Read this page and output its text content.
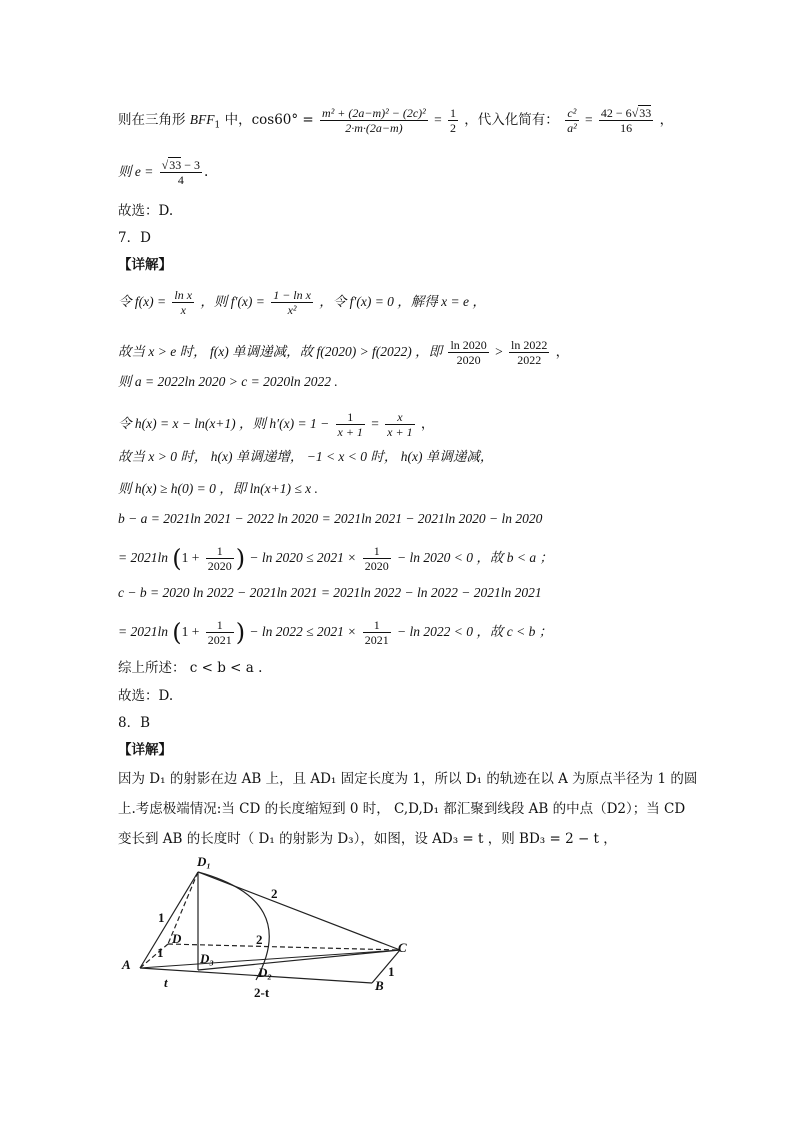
则在三角形 $BFF_1$ 中，$\cos 60^\circ = \frac{\text{m² + (2a−m)² − (2c)²}}{2\cdot m\cdot(2a-m)} = \frac{1}{2}$ ，代入化简有： $\frac{\text{c²}}{\text{a²}} = \frac{42 - 6√33}{16}$ ，
则 $e = \frac{√33 - 3}{4}$ .
故选：D.
7．D
【详解】
令 $f(x) = \frac{\text{ln x}}{x}$ ，则 $f'(x) = \frac{\text{1 − ln x}}{\text{x²}}$ ，令 f′(x) = 0 ，解得 x = e ，
故当 x > e 时， f(x) 单调递减，故 f(2020) > f(2022) ，即 $\frac{\ln 2020}{2020} > \frac{\ln 2022}{2022}$ ，
则 a = 2022ln 2020 > c = 2020ln 2022 .
令 h(x) = x − ln(x+1) ，则 $h'(x) = 1 - \frac{1}{x + 1} = \frac{x}{x + 1}$ ，
故当 x > 0 时， h(x) 单调递增， −1 < x < 0 时， h(x) 单调递减，
则 h(x) ≥ h(0) = 0 ，即 ln(x+1) ≤ x .
b − a = 2021ln 2021 − 2022 ln 2020 = 2021ln 2021 − 2021ln 2020 − ln 2020
= 2021ln ($1 + \frac{1}{2020}$ ) − $\ln 2020 \le 2021 \times \frac{1}{2020} - \ln 2020 < 0$ ，故 b < a ；
c − b = 2020 ln 2022 − 2021ln 2021 = 2021ln 2022 − ln 2022 − 2021ln 2021
= 2021ln ($1 + \frac{1}{2021}$ ) − $\ln 2022 \le 2021 \times \frac{1}{2021} - \ln 2022 < 0$ ，故 c < b ；
综上所述： c < b < a .
故选：D.
8．B
【详解】
因为 D₁ 的射影在边 AB 上，且 AD₁ 固定长度为 1，所以 D₁ 的轨迹在以 A 为原点半径为 1 的圆
上.考虑极端情况:当 CD 的长度缩短到 0 时， C,D,D₁ 都汇聚到线段 AB 的中点（D2）；当 CD
变长到 AB 的长度时（ D₁ 的射影为 D₃），如图，设 AD₃ = t ，则 BD₃ = 2 − t ，
D₁
D
D₃
D₂
A
B
C
1
1
2
2
1
t
2-t
